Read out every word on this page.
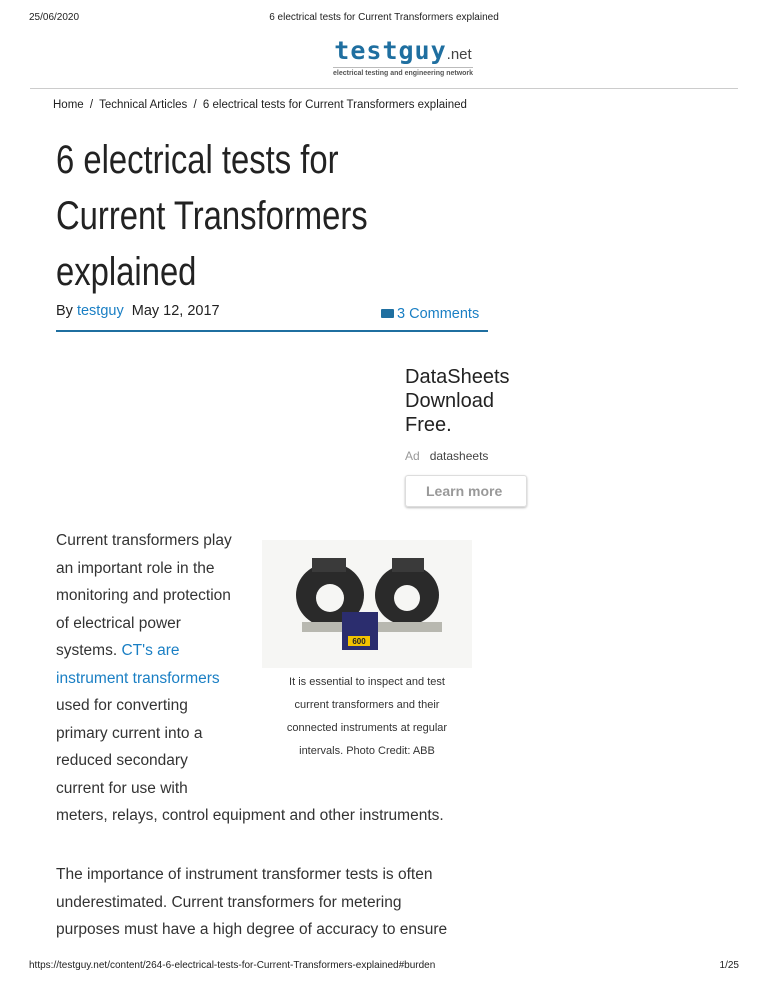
25/06/2020	6 electrical tests for Current Transformers explained
testguy.net
electrical testing and engineering network
Home / Technical Articles / 6 electrical tests for Current Transformers explained
6 electrical tests for
Current Transformers
explained
By testguy May 12, 2017	3 Comments
DataSheets
Download
Free.
Ad datasheets
Learn more
Current transformers play
an important role in the
monitoring and protection
of electrical power
systems. CT's are
instrument transformers
used for converting
primary current into a
reduced secondary
current for use with
meters, relays, control equipment and other instruments.
600
It is essential to inspect and test
current transformers and their
connected instruments at regular
intervals. Photo Credit: ABB
The importance of instrument transformer tests is often
underestimated. Current transformers for metering
purposes must have a high degree of accuracy to ensure
https://testguy.net/content/264-6-electrical-tests-for-Current-Transformers-explained#burden	1/25
